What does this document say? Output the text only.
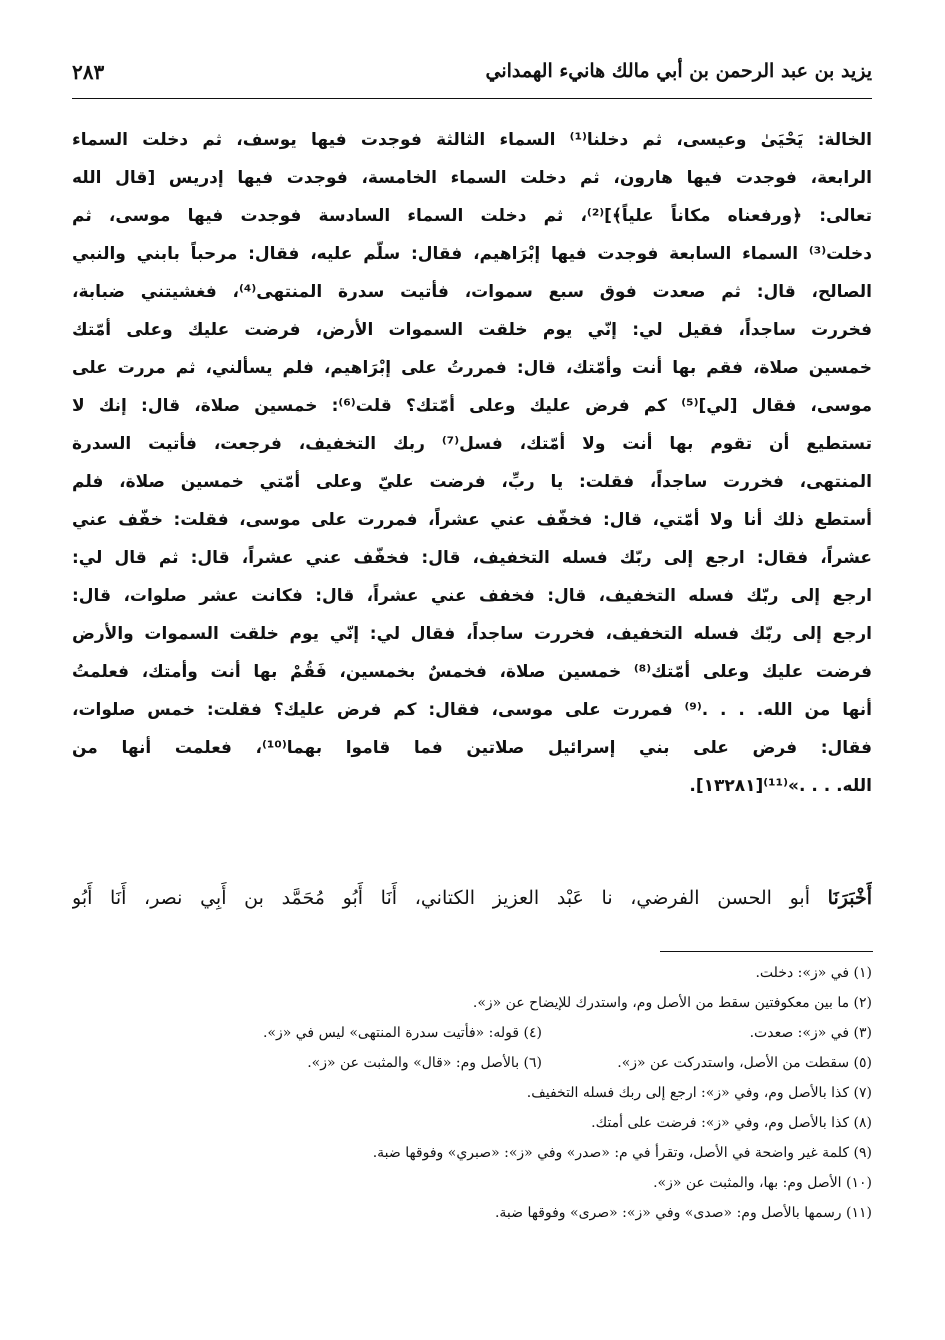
يزيد بن عبد الرحمن بن أبي مالك هانيء الهمداني
٢٨٣
الخالة: يَحْيَىٰ وعيسى، ثم دخلنا⁽¹⁾ السماء الثالثة فوجدت فيها يوسف، ثم دخلت السماء
الرابعة، فوجدت فيها هارون، ثم دخلت السماء الخامسة، فوجدت فيها إدريس [قال الله
تعالى: ﴿ورفعناه مكاناً علياً﴾]⁽²⁾، ثم دخلت السماء السادسة فوجدت فيها موسى، ثم
دخلت⁽³⁾ السماء السابعة فوجدت فيها إبْرَاهيم، فقال: سلّم عليه، فقال: مرحباً بابني والنبي
الصالح، قال: ثم صعدت فوق سبع سموات، فأتيت سدرة المنتهى⁽⁴⁾، فغشيتني ضبابة،
فخررت ساجداً، فقيل لي: إنّي يوم خلقت السموات الأرض، فرضت عليك وعلى أمّتك
خمسين صلاة، فقم بها أنت وأمّتك، قال: فمررتُ على إبْرَاهيم، فلم يسألني، ثم مررت على
موسى، فقال [لي]⁽⁵⁾ كم فرض عليك وعلى أمّتك؟ قلت⁽⁶⁾: خمسين صلاة، قال: إنك لا
تستطيع أن تقوم بها أنت ولا أمّتك، فسل⁽⁷⁾ ربك التخفيف، فرجعت، فأتيت السدرة
المنتهى، فخررت ساجداً، فقلت: يا ربِّ، فرضت عليّ وعلى أمّتي خمسين صلاة، فلم
أستطع ذلك أنا ولا أمّتي، قال: فخفّف عني عشراً، فمررت على موسى، فقلت: خفّف عني
عشراً، فقال: ارجع إلى ربّك فسله التخفيف، قال: فخفّف عني عشراً، قال: ثم قال لي:
ارجع إلى ربّك فسله التخفيف، قال: فخفف عني عشراً، قال: فكانت عشر صلوات، قال:
ارجع إلى ربّك فسله التخفيف، فخررت ساجداً، فقال لي: إنّي يوم خلقت السموات والأرض
فرضت عليك وعلى أمّتك⁽⁸⁾ خمسين صلاة، فخمسٌ بخمسين، فَقُمْ بها أنت وأمتك، فعلمتُ
أنها من الله. . . .⁽⁹⁾ فمررت على موسى، فقال: كم فرض عليك؟ فقلت: خمس صلوات،
فقال: فرض على بني إسرائيل صلاتين فما قاموا بهما⁽¹⁰⁾، فعلمت أنها من
الله. . . .»⁽¹¹⁾[١٣٢٨١].
أَخْبَرَنَا أبو الحسن الفرضي، نا عَبْد العزيز الكتاني، أَنَا أَبُو مُحَمَّد بن أَبِي نصر، أَنَا أَبُو
(١) في «ز»: دخلت.
(٢) ما بين معكوفتين سقط من الأصل وم، واستدرك للإيضاح عن «ز».
(٣) في «ز»: صعدت.
(٤) قوله: «فأتيت سدرة المنتهى» ليس في «ز».
(٥) سقطت من الأصل، واستدركت عن «ز».
(٦) بالأصل وم: «قال» والمثبت عن «ز».
(٧) كذا بالأصل وم، وفي «ز»: ارجع إلى ربك فسله التخفيف.
(٨) كذا بالأصل وم، وفي «ز»: فرضت على أمتك.
(٩) كلمة غير واضحة في الأصل، وتقرأ في م: «صدر» وفي «ز»: «صبري» وفوقها ضبة.
(١٠) الأصل وم: بها، والمثبت عن «ز».
(١١) رسمها بالأصل وم: «صدى» وفي «ز»: «صرى» وفوقها ضبة.
